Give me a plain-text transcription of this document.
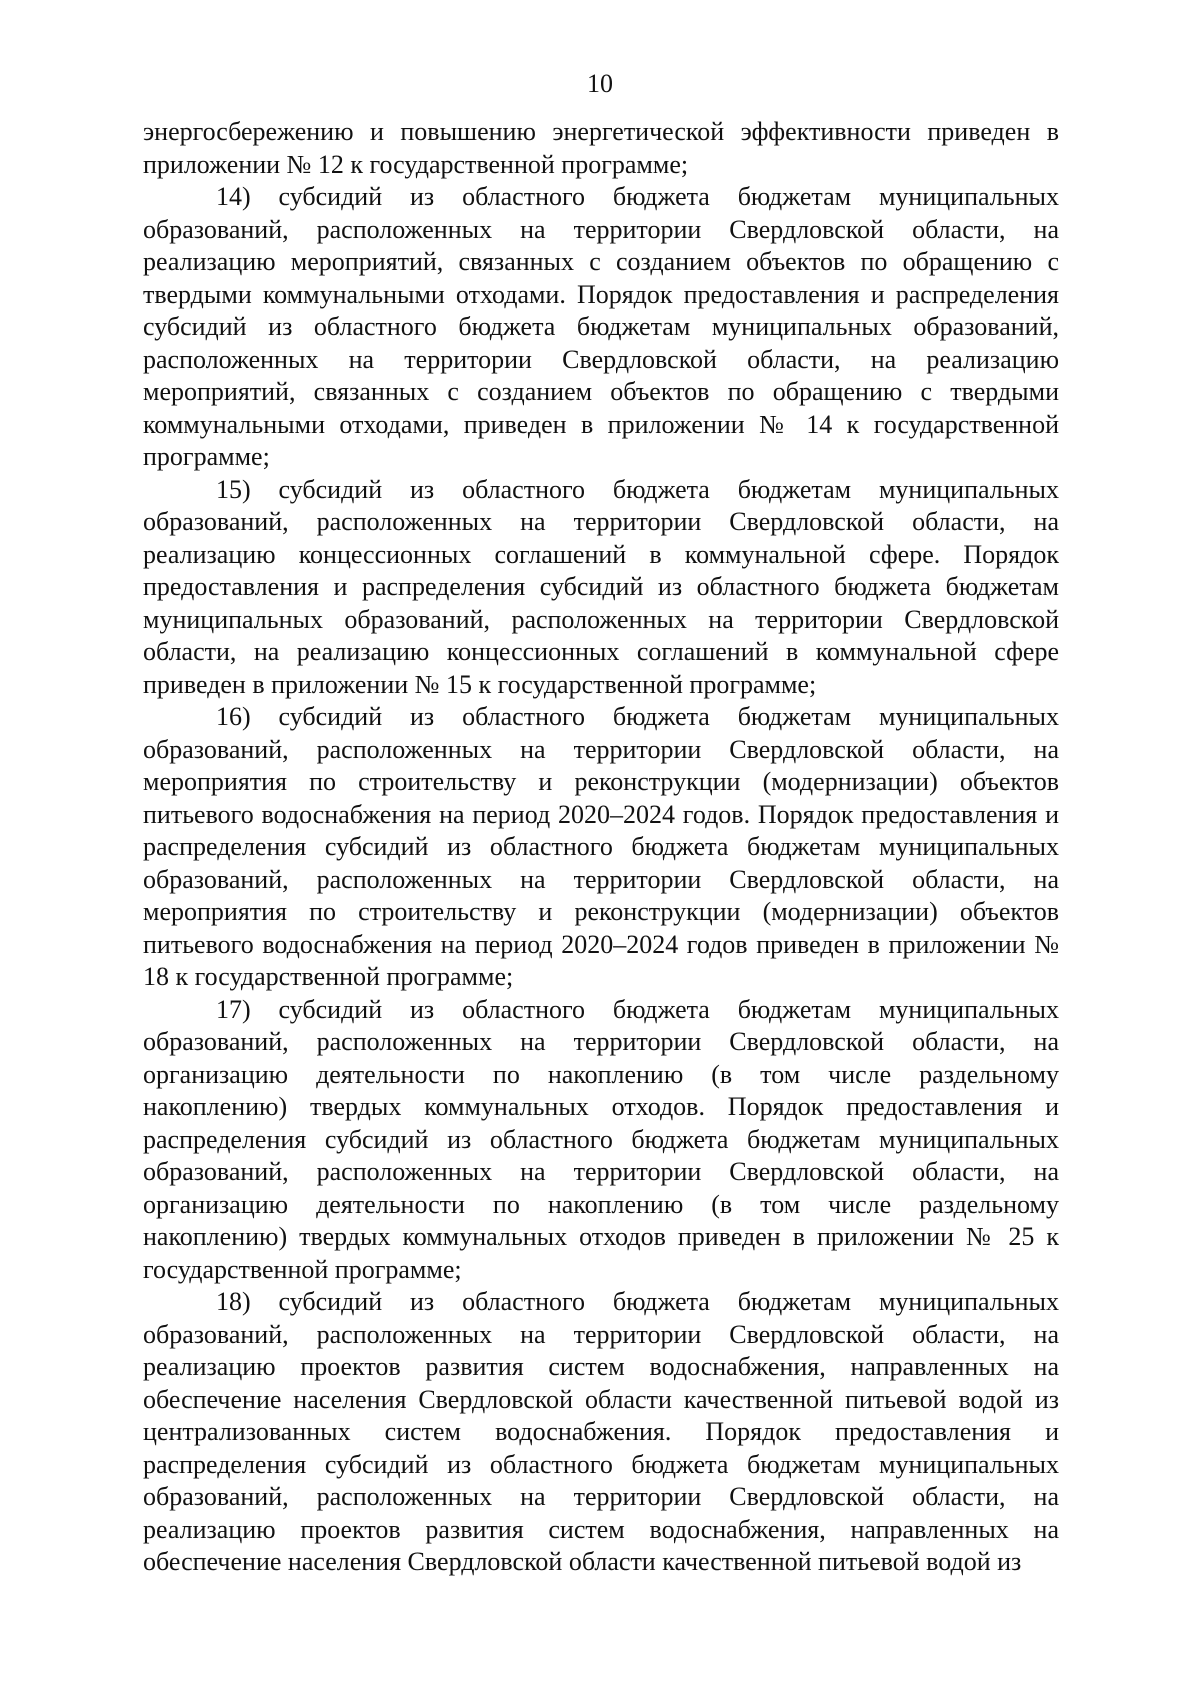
10

энергосбережению и повышению энергетической эффективности приведен в приложении № 12 к государственной программе;

14) субсидий из областного бюджета бюджетам муниципальных образований, расположенных на территории Свердловской области, на реализацию мероприятий, связанных с созданием объектов по обращению с твердыми коммунальными отходами. Порядок предоставления и распределения субсидий из областного бюджета бюджетам муниципальных образований, расположенных на территории Свердловской области, на реализацию мероприятий, связанных с созданием объектов по обращению с твердыми коммунальными отходами, приведен в приложении № 14 к государственной программе;

15) субсидий из областного бюджета бюджетам муниципальных образований, расположенных на территории Свердловской области, на реализацию концессионных соглашений в коммунальной сфере. Порядок предоставления и распределения субсидий из областного бюджета бюджетам муниципальных образований, расположенных на территории Свердловской области, на реализацию концессионных соглашений в коммунальной сфере приведен в приложении № 15 к государственной программе;

16) субсидий из областного бюджета бюджетам муниципальных образований, расположенных на территории Свердловской области, на мероприятия по строительству и реконструкции (модернизации) объектов питьевого водоснабжения на период 2020–2024 годов. Порядок предоставления и распределения субсидий из областного бюджета бюджетам муниципальных образований, расположенных на территории Свердловской области, на мероприятия по строительству и реконструкции (модернизации) объектов питьевого водоснабжения на период 2020–2024 годов приведен в приложении № 18 к государственной программе;

17) субсидий из областного бюджета бюджетам муниципальных образований, расположенных на территории Свердловской области, на организацию деятельности по накоплению (в том числе раздельному накоплению) твердых коммунальных отходов. Порядок предоставления и распределения субсидий из областного бюджета бюджетам муниципальных образований, расположенных на территории Свердловской области, на организацию деятельности по накоплению (в том числе раздельному накоплению) твердых коммунальных отходов приведен в приложении № 25 к государственной программе;

18) субсидий из областного бюджета бюджетам муниципальных образований, расположенных на территории Свердловской области, на реализацию проектов развития систем водоснабжения, направленных на обеспечение населения Свердловской области качественной питьевой водой из централизованных систем водоснабжения. Порядок предоставления и распределения субсидий из областного бюджета бюджетам муниципальных образований, расположенных на территории Свердловской области, на реализацию проектов развития систем водоснабжения, направленных на обеспечение населения Свердловской области качественной питьевой водой из
